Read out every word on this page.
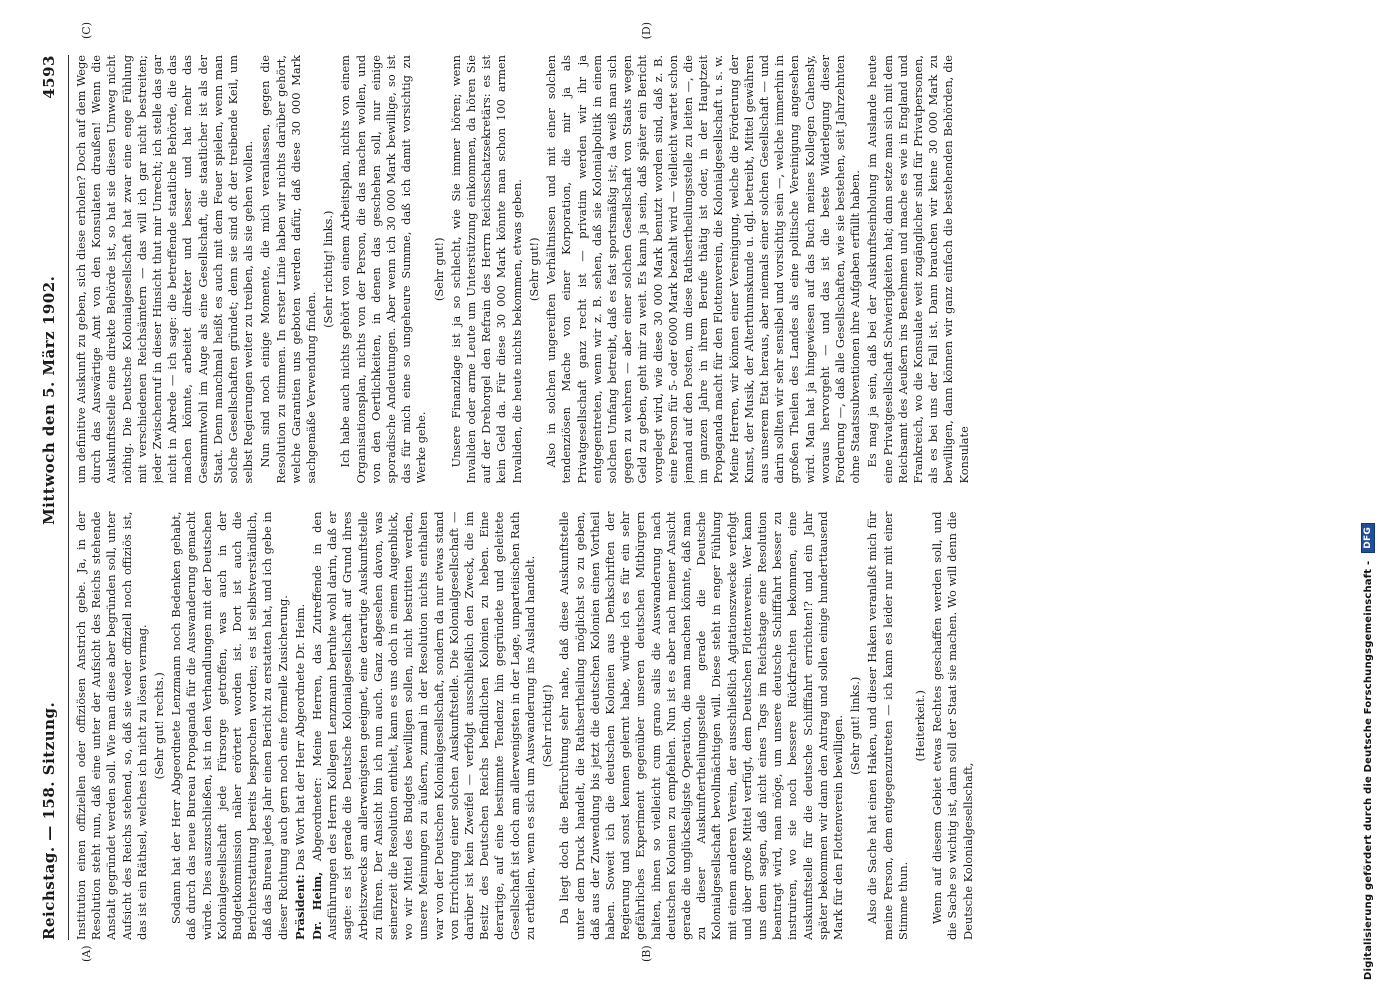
Reichstag. — 158. Sitzung.
Mittwoch den 5. März 1902.
4593

Institution einen offiziellen oder offiziösen Anstrich gebe. Ja, in der Resolution steht nun, daß eine unter der Aufsicht des Reichs stehende Anstalt gegründet werden soll. Wie man diese aber begründen soll, unter Aufsicht des Reichs stehend, so, daß sie weder offiziell noch offiziös ist, das ist ein Räthsel, welches ich nicht zu lösen vermag. (Sehr gut! rechts.) Sodann hat der Herr Abgeordnete Lenzmann noch Bedenken gehabt, daß durch das neue Bureau Propaganda für die Auswanderung gemacht würde. Dies auszuschließen, ist in den Verhandlungen mit der Deutschen Kolonialgesellschaft jede Fürsorge getroffen, was auch in der Budgetkommission näher erörtert worden ist. Dort ist auch die Berichterstattung bereits besprochen worden; es ist selbstverständlich, daß das Bureau jedes Jahr einen Bericht zu erstatten hat, und ich gebe in dieser Richtung auch gern noch eine formelle Zusicherung. Präsident: Das Wort hat der Herr Abgeordnete Dr. Heim.

Dr. Heim, Abgeordneter: Meine Herren, das Zutreffende in den Ausführungen des Herrn Kollegen Lenzmann beruhte wohl darin, daß er sagte: es ist gerade die Deutsche Kolonialgesellschaft auf Grund ihres Arbeitszwecks am allerwenigsten geeignet, eine derartige Auskunftstelle zu führen. Der Ansicht bin ich nun auch. Ganz abgesehen davon, was seinerzeit die Resolution enthielt, kann es uns doch in einem Augenblick, wo wir Mittel des Budgets bewilligen sollen, nicht bestritten werden, unsere Meinungen zu äußern, zumal in der Resolution nichts enthalten war von der Deutschen Kolonialgesellschaft, sondern da nur etwas stand von Errichtung einer solchen Auskunftstelle. Die Kolonialgesellschaft — darüber ist kein Zweifel — verfolgt ausschließlich den Zweck, die im Besitz des Deutschen Reichs befindlichen Kolonien zu heben. Eine derartige, auf eine bestimmte Tendenz hin gegründete und geleitete Gesellschaft ist doch am allerwenigsten in der Lage, unparteiischen Rath zu ertheilen, wenn es sich um Auswanderung ins Ausland handelt. (Sehr richtig!) Da liegt doch die Befürchtung sehr nahe, daß diese Auskunftstelle unter dem Druck handelt, die Rathsertheilung möglichst so zu geben, daß aus der Zuwendung bis jetzt die deutschen Kolonien einen Vortheil haben. Soweit ich die deutschen Kolonien aus Denkschriften der Regierung und sonst kennen gelernt habe, würde ich es für ein sehr gefährliches Experiment gegenüber unseren deutschen Mitbürgern halten, ihnen so vielleicht cum grano salis die Auswanderung nach deutschen Kolonien zu empfehlen. Nun ist es aber nach meiner Ansicht gerade die unglückseligste Operation, die man machen könnte, daß man zu dieser Auskunftertheilungsstelle gerade die Deutsche Kolonialgesellschaft bevollmächtigen will. Diese steht in enger Fühlung mit einem anderen Verein, der ausschließlich Agitationszwecke verfolgt und über große Mittel verfügt, dem Deutschen Flottenverein. Wer kann uns denn sagen, daß nicht eines Tags im Reichstage eine Resolution beantragt wird, man möge, um unsere deutsche Schifffahrt besser zu instruiren, wo sie noch bessere Rückfrachten bekommen, eine Auskunftstelle für die deutsche Schifffahrt errichten!? und ein Jahr später bekommen wir dann den Antrag und sollen einige hunderttausend Mark für den Flottenverein bewilligen. (Sehr gut! links.) Also die Sache hat einen Haken, und dieser Haken veranlaßt mich für meine Person, dem entgegenzutreten — ich kann es leider nur mit einer Stimme thun.

(Heiterkeit.) Wenn auf diesem Gebiet etwas Rechtes geschaffen werden soll, und die Sache so wichtig ist, dann soll der Staat sie machen. Wo will denn die Deutsche Kolonialgesellschaft,

um definitive Auskunft zu geben, sich diese erholen? Doch auf dem Wege durch das Auswärtige Amt von den Konsulaten draußen! Wenn die Auskunftsstelle eine direkte Behörde ist, so hat sie diesen Umweg nicht nöthig. Die Deutsche Kolonialgesellschaft hat zwar eine enge Fühlung mit verschiedenen Reichsämtern — das will ich gar nicht bestreiten; jeder Zwischenruf in dieser Hinsicht thut mir Unrecht; ich stelle das gar nicht in Abrede — ich sage: die betreffende staatliche Behörde, die das machen könnte, arbeitet direkter und besser und hat mehr das Gesammtwohl im Auge als eine Gesellschaft, die staatlicher ist als der Staat. Denn manchmal heißt es auch mit dem Feuer spielen, wenn man solche Gesellschaften gründet; denn sie sind oft der treibende Keil, um selbst Regierungen weiter zu treiben, als sie gehen wollen. Nun sind noch einige Momente, die mich veranlassen, gegen die Resolution zu stimmen. In erster Linie haben wir nichts darüber gehört, welche Garantien uns geboten werden dafür, daß diese 30 000 Mark sachgemäße Verwendung finden.

(Sehr richtig! links.) Ich habe auch nichts gehört von einem Arbeitsplan, nichts von einem Organisationsplan, nichts von der Person, die das machen wollen, und von den Oertlichkeiten, in denen das geschehen soll, nur einige sporadische Andeutungen. Aber wenn ich 30 000 Mark bewillige, so ist das für mich eine so ungeheure Summe, daß ich damit vorsichtig zu Werke gehe.

(Sehr gut!) Unsere Finanzlage ist ja so schlecht, wie Sie immer hören; wenn Invaliden oder arme Leute um Unterstützung einkommen, da hören Sie auf der Drehorgel den Refrain des Herrn Reichsschatzsekretärs: es ist kein Geld da. Für diese 30 000 Mark könnte man schon 100 armen Invaliden, die heute nichts bekommen, etwas geben. (Sehr gut!) Also in solchen ungereiften Verhältnissen und mit einer solchen tendenziösen Mache von einer Korporation, die mir ja als Privatgesellschaft ganz recht ist — privatim werden wir ihr ja entgegentreten, wenn wir z. B. sehen, daß sie Kolonialpolitik in einem solchen Umfang betreibt, daß es fast sportsmäßig ist; da weiß man sich gegen zu wehren — aber einer solchen Gesellschaft von Staats wegen Geld zu geben, geht mir zu weit. Es kann ja sein, daß später ein Bericht vorgelegt wird, wie diese 30 000 Mark benutzt worden sind, daß z. B. eine Person für 5- oder 6000 Mark bezahlt wird — vielleicht wartet schon jemand auf den Posten, um diese Rathsertheilungsstelle zu leiten —, die im ganzen Jahre in ihrem Berufe thätig ist oder, in der Hauptzeit Propaganda macht für den Flottenverein, die Kolonialgesellschaft u. s. w. Meine Herren, wir können einer Vereinigung, welche die Förderung der Kunst, der Musik, der Alterthumskunde u. dgl. betreibt, Mittel gewähren aus unserem Etat heraus, aber niemals einer solchen Gesellschaft — und darin sollten wir sehr sensibel und vorsichtig sein —, welche immerhin in großen Theilen des Landes als eine politische Vereinigung angesehen wird. Man hat ja hingewiesen auf das Buch meines Kollegen Cahensly, woraus hervorgeht — und das ist die beste Widerlegung dieser Forderung —, daß alle Gesellschaften, wie sie bestehen, seit Jahrzehnten ohne Staatssubventionen ihre Aufgaben erfüllt haben. Es mag ja sein, daß bei der Auskunftseinholung im Auslande heute eine Privatgesellschaft Schwierigkeiten hat; dann setze man sich mit dem Reichsamt des Aeußern ins Benehmen und mache es wie in England und Frankreich, wo die Konsulate weit zugänglicher sind für Privatpersonen, als es bei uns der Fall ist. Dann brauchen wir keine 30 000 Mark zu bewilligen, dann können wir ganz einfach die bestehenden Behörden, die Konsulate

(A)	(B)
(C)	(D)
Digitalisierung gefördert durch die Deutsche Forschungsgemeinschaft -
DFG
